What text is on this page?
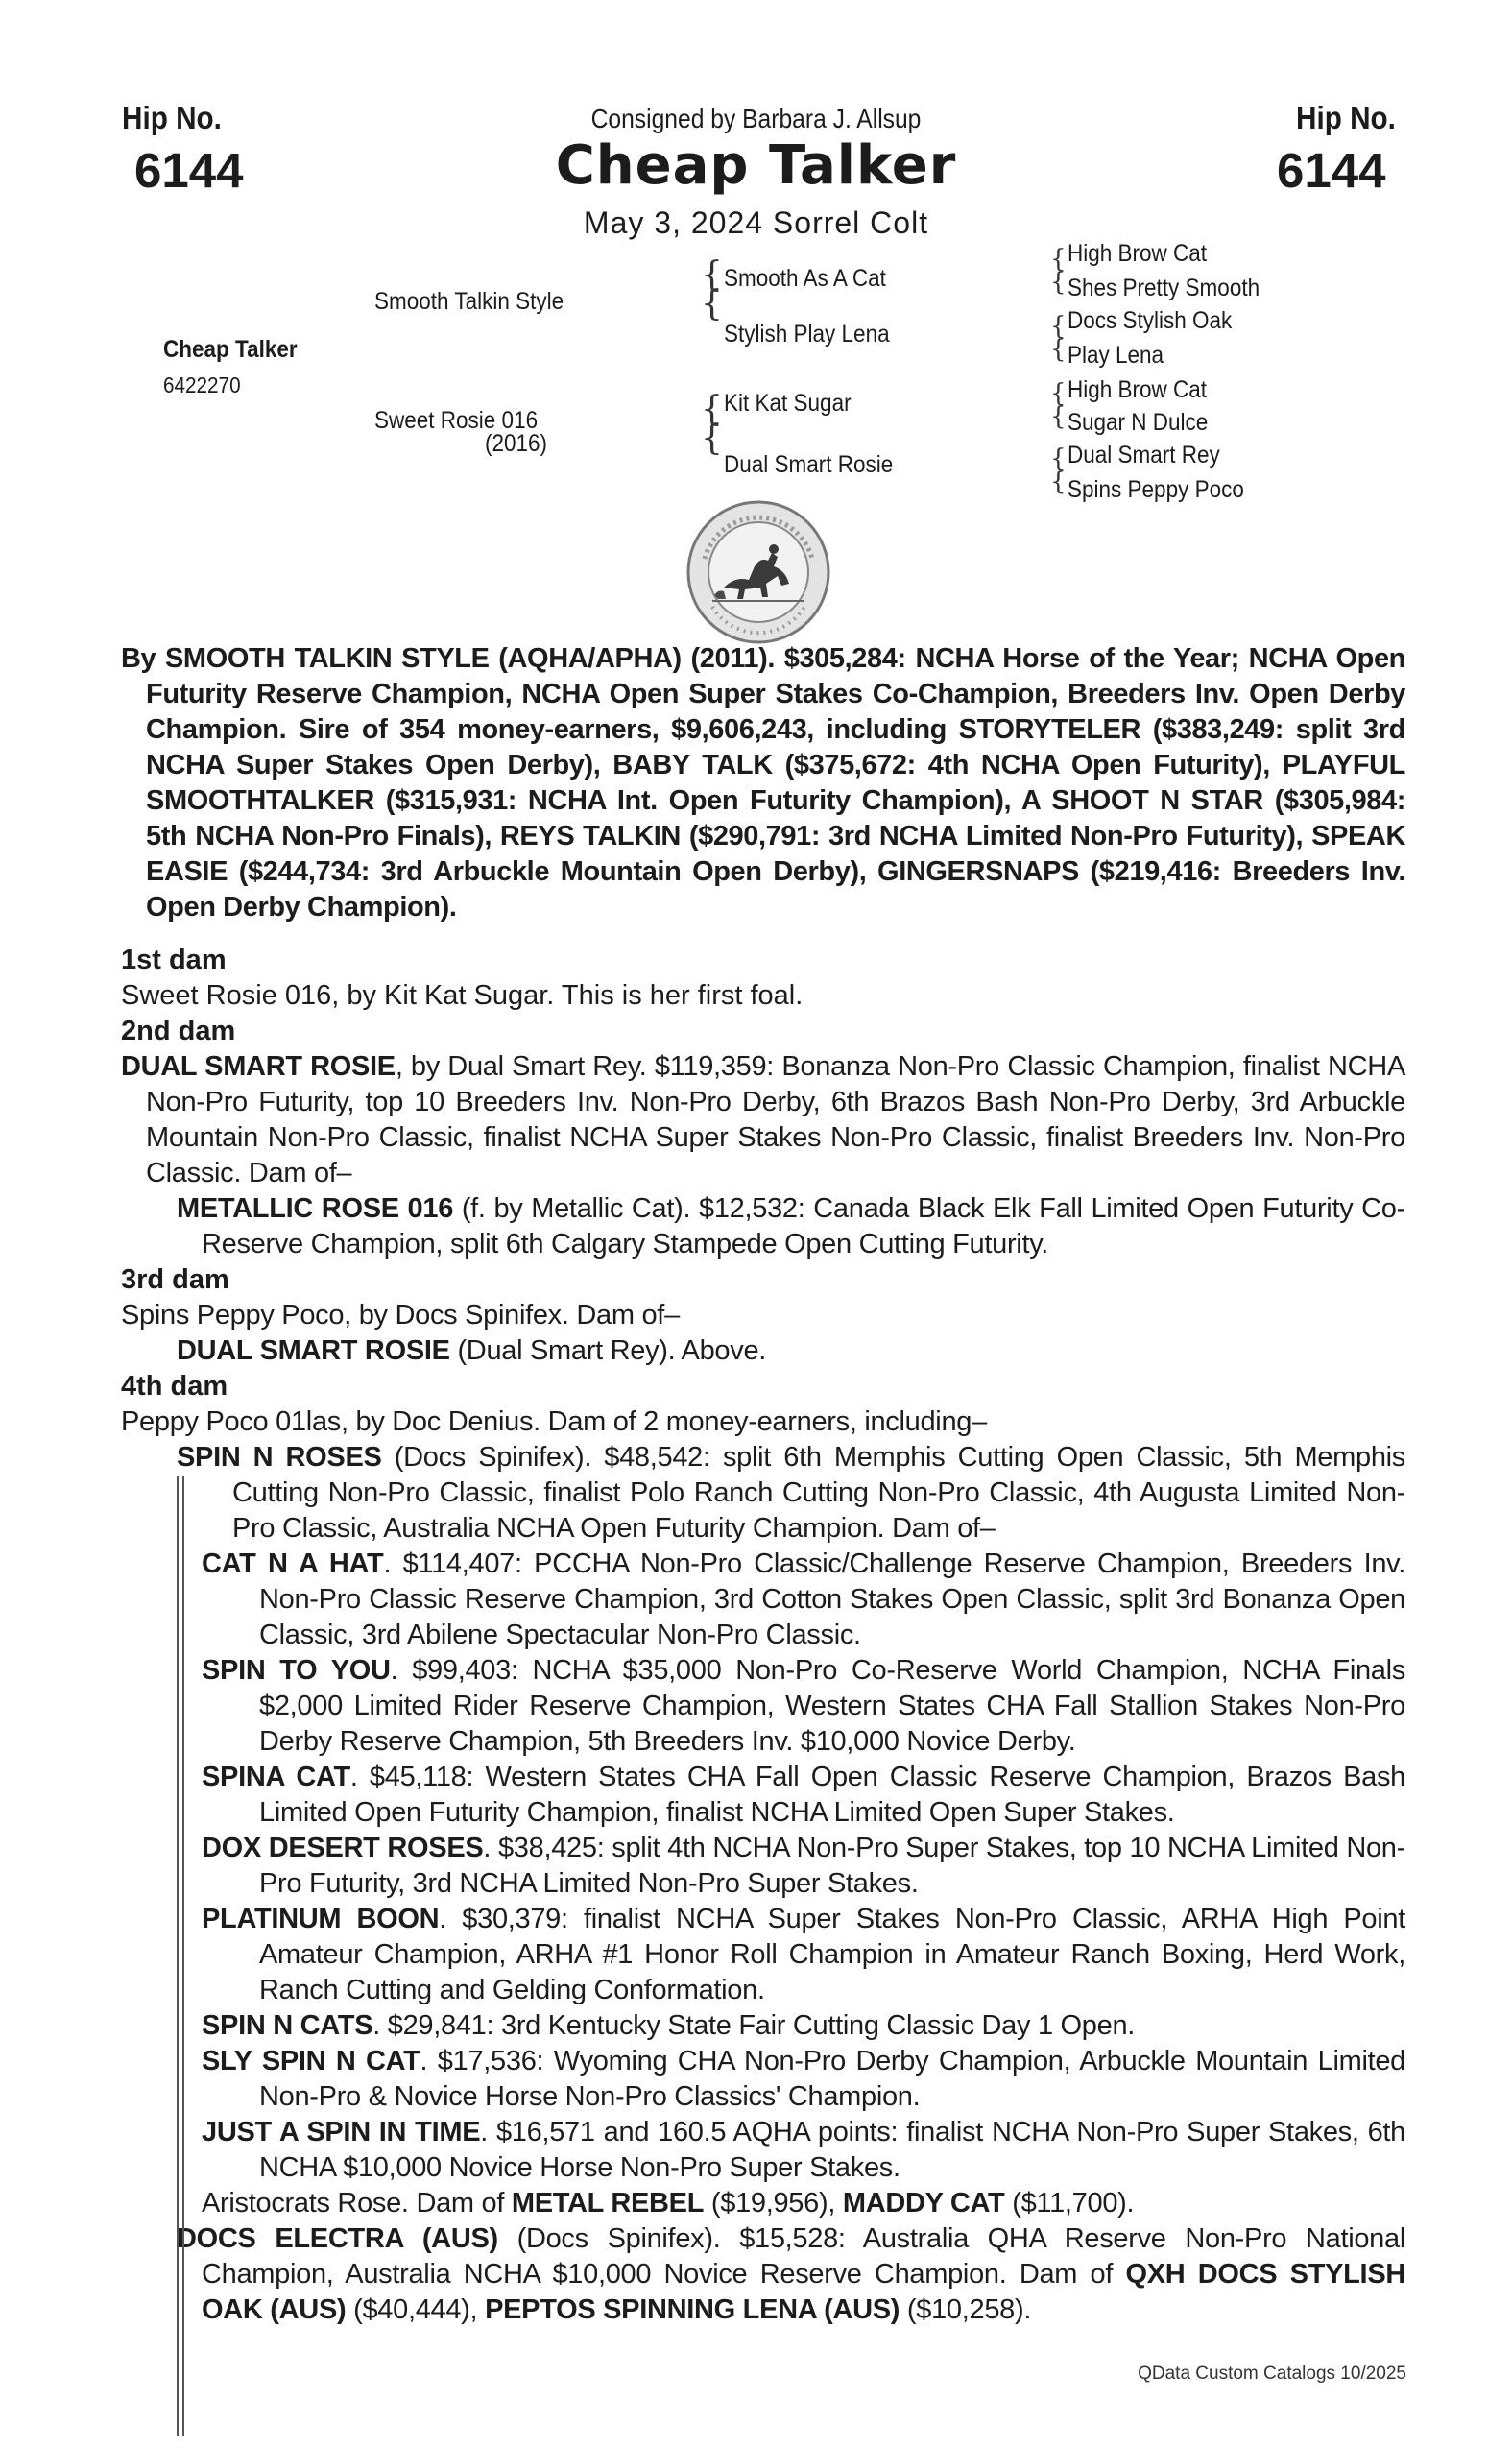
Hip No.
6144
Hip No.
6144
Consigned by Barbara J. Allsup
Cheap Talker
May 3, 2024 Sorrel Colt
Cheap Talker
6422270
Smooth Talkin Style
Sweet Rosie 016
(2016)
{
{
Smooth As A Cat
Stylish Play Lena
{
{
Kit Kat Sugar
Dual Smart Rosie
{
{
{
{
{
{
{
{
High Brow Cat
Shes Pretty Smooth
Docs Stylish Oak
Play Lena
High Brow Cat
Sugar N Dulce
Dual Smart Rey
Spins Peppy Poco

By SMOOTH TALKIN STYLE (AQHA/APHA) (2011). $305,284: NCHA Horse of the Year; NCHA Open Futurity Reserve Champion, NCHA Open Super Stakes Co-Champion, Breeders Inv. Open Derby Champion. Sire of 354 money-earners, $9,606,243, including STORYTELER ($383,249: split 3rd NCHA Super Stakes Open Derby), BABY TALK ($375,672: 4th NCHA Open Futurity), PLAYFUL SMOOTHTALKER ($315,931: NCHA Int. Open Futurity Champion), A SHOOT N STAR ($305,984: 5th NCHA Non-Pro Finals), REYS TALKIN ($290,791: 3rd NCHA Limited Non-Pro Futurity), SPEAK EASIE ($244,734: 3rd Arbuckle Mountain Open Derby), GINGERSNAPS ($219,416: Breeders Inv. Open Derby Champion).

1st dam

Sweet Rosie 016, by Kit Kat Sugar. This is her first foal.

2nd dam

DUAL SMART ROSIE, by Dual Smart Rey. $119,359: Bonanza Non-Pro Classic Champion, finalist NCHA Non-Pro Futurity, top 10 Breeders Inv. Non-Pro Derby, 6th Brazos Bash Non-Pro Derby, 3rd Arbuckle Mountain Non-Pro Classic, finalist NCHA Super Stakes Non-Pro Classic, finalist Breeders Inv. Non-Pro Classic. Dam of–

METALLIC ROSE 016 (f. by Metallic Cat). $12,532: Canada Black Elk Fall Limited Open Futurity Co-Reserve Champion, split 6th Calgary Stampede Open Cutting Futurity.

3rd dam

Spins Peppy Poco, by Docs Spinifex. Dam of–

DUAL SMART ROSIE (Dual Smart Rey). Above.

4th dam

Peppy Poco 01las, by Doc Denius. Dam of 2 money-earners, including–

SPIN N ROSES (Docs Spinifex). $48,542: split 6th Memphis Cutting Open Classic, 5th Memphis Cutting Non-Pro Classic, finalist Polo Ranch Cutting Non-Pro Classic, 4th Augusta Limited Non-Pro Classic, Australia NCHA Open Futurity Champion. Dam of–

CAT N A HAT. $114,407: PCCHA Non-Pro Classic/Challenge Reserve Champion, Breeders Inv. Non-Pro Classic Reserve Champion, 3rd Cotton Stakes Open Classic, split 3rd Bonanza Open Classic, 3rd Abilene Spectacular Non-Pro Classic.

SPIN TO YOU. $99,403: NCHA $35,000 Non-Pro Co-Reserve World Champion, NCHA Finals $2,000 Limited Rider Reserve Champion, Western States CHA Fall Stallion Stakes Non-Pro Derby Reserve Champion, 5th Breeders Inv. $10,000 Novice Derby.

SPINA CAT. $45,118: Western States CHA Fall Open Classic Reserve Champion, Brazos Bash Limited Open Futurity Champion, finalist NCHA Limited Open Super Stakes.

DOX DESERT ROSES. $38,425: split 4th NCHA Non-Pro Super Stakes, top 10 NCHA Limited Non-Pro Futurity, 3rd NCHA Limited Non-Pro Super Stakes.

PLATINUM BOON. $30,379: finalist NCHA Super Stakes Non-Pro Classic, ARHA High Point Amateur Champion, ARHA #1 Honor Roll Champion in Amateur Ranch Boxing, Herd Work, Ranch Cutting and Gelding Conformation.

SPIN N CATS. $29,841: 3rd Kentucky State Fair Cutting Classic Day 1 Open.

SLY SPIN N CAT. $17,536: Wyoming CHA Non-Pro Derby Champion, Arbuckle Mountain Limited Non-Pro & Novice Horse Non-Pro Classics' Champion.

JUST A SPIN IN TIME. $16,571 and 160.5 AQHA points: finalist NCHA Non-Pro Super Stakes, 6th NCHA $10,000 Novice Horse Non-Pro Super Stakes.

Aristocrats Rose. Dam of METAL REBEL ($19,956), MADDY CAT ($11,700).

DOCS ELECTRA (AUS) (Docs Spinifex). $15,528: Australia QHA Reserve Non-Pro National Champion, Australia NCHA $10,000 Novice Reserve Champion. Dam of QXH DOCS STYLISH OAK (AUS) ($40,444), PEPTOS SPINNING LENA (AUS) ($10,258).

QData Custom Catalogs 10/2025
